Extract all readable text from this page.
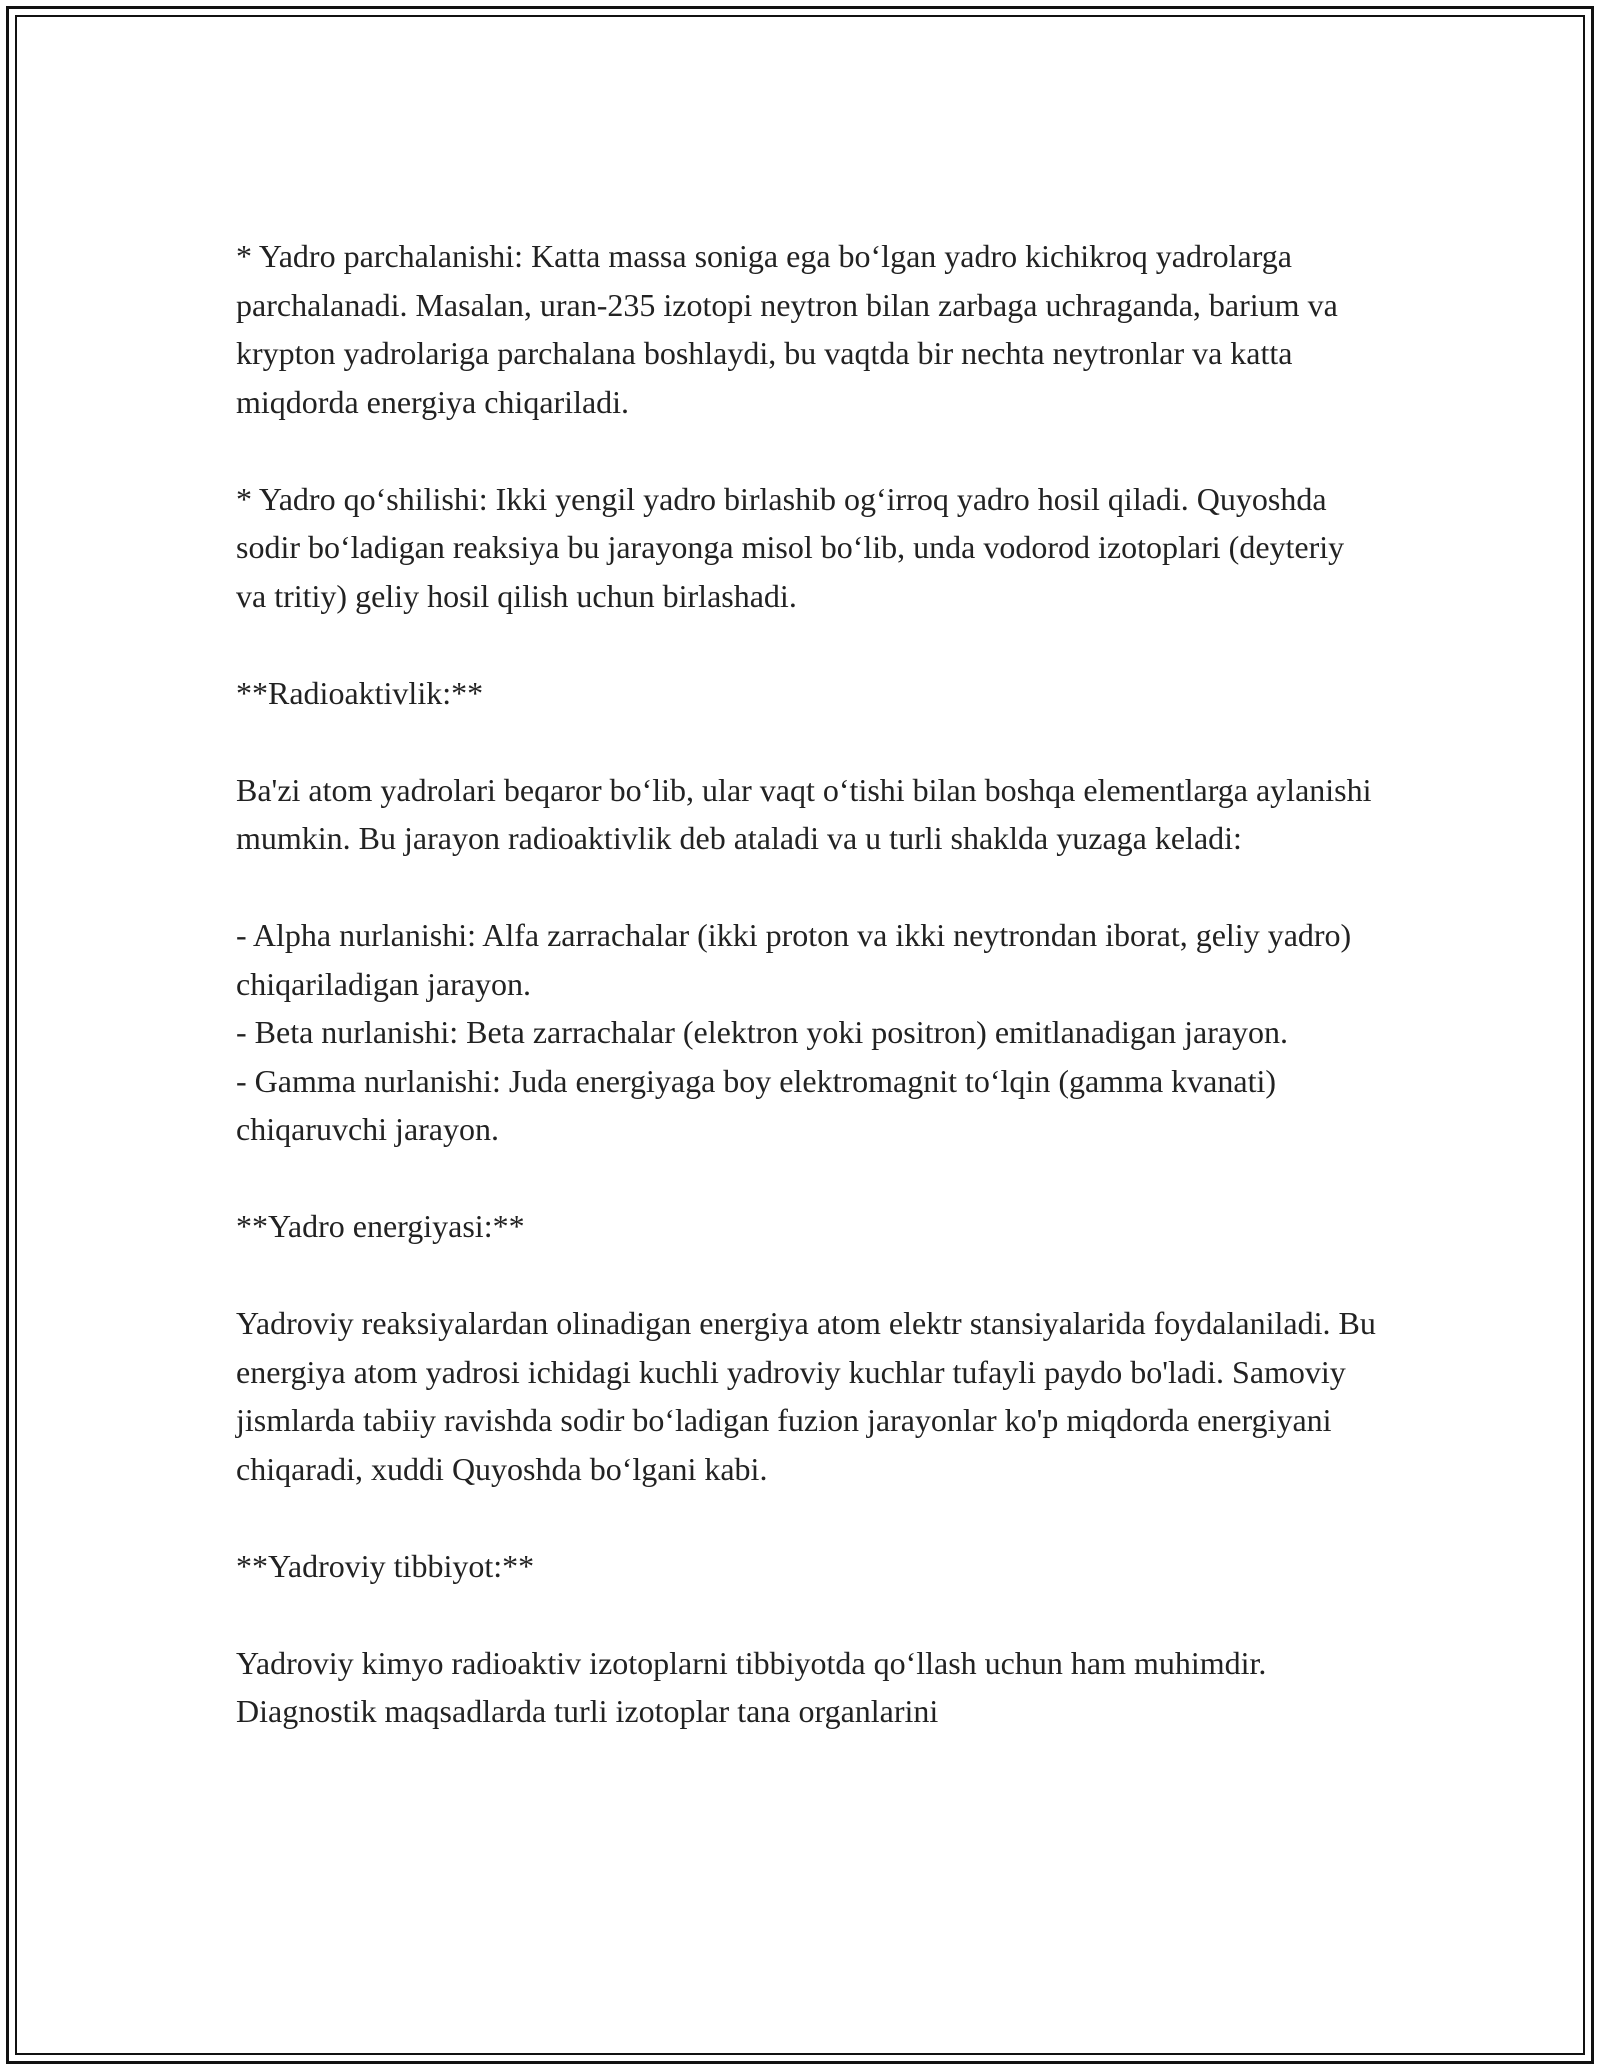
* Yadro parchalanishi: Katta massa soniga ega bo‘lgan yadro kichikroq yadrolarga parchalanadi. Masalan, uran-235 izotopi neytron bilan zarbaga uchraganda, barium va krypton yadrolariga parchalana boshlaydi, bu vaqtda bir nechta neytronlar va katta miqdorda energiya chiqariladi.

* Yadro qo‘shilishi: Ikki yengil yadro birlashib og‘irroq yadro hosil qiladi. Quyoshda sodir bo‘ladigan reaksiya bu jarayonga misol bo‘lib, unda vodorod izotoplari (deyteriy va tritiy) geliy hosil qilish uchun birlashadi.

**Radioaktivlik:**

Ba'zi atom yadrolari beqaror bo‘lib, ular vaqt o‘tishi bilan boshqa elementlarga aylanishi mumkin. Bu jarayon radioaktivlik deb ataladi va u turli shaklda yuzaga keladi:

- Alpha nurlanishi: Alfa zarrachalar (ikki proton va ikki neytrondan iborat, geliy yadro) chiqariladigan jarayon.

- Beta nurlanishi: Beta zarrachalar (elektron yoki positron) emitlanadigan jarayon.

- Gamma nurlanishi: Juda energiyaga boy elektromagnit to‘lqin (gamma kvanati) chiqaruvchi jarayon.

**Yadro energiyasi:**

Yadroviy reaksiyalardan olinadigan energiya atom elektr stansiyalarida foydalaniladi. Bu energiya atom yadrosi ichidagi kuchli yadroviy kuchlar tufayli paydo bo'ladi. Samoviy jismlarda tabiiy ravishda sodir bo‘ladigan fuzion jarayonlar ko'p miqdorda energiyani chiqaradi, xuddi Quyoshda bo‘lgani kabi.

**Yadroviy tibbiyot:**

Yadroviy kimyo radioaktiv izotoplarni tibbiyotda qo‘llash uchun ham muhimdir. Diagnostik maqsadlarda turli izotoplar tana organlarini
